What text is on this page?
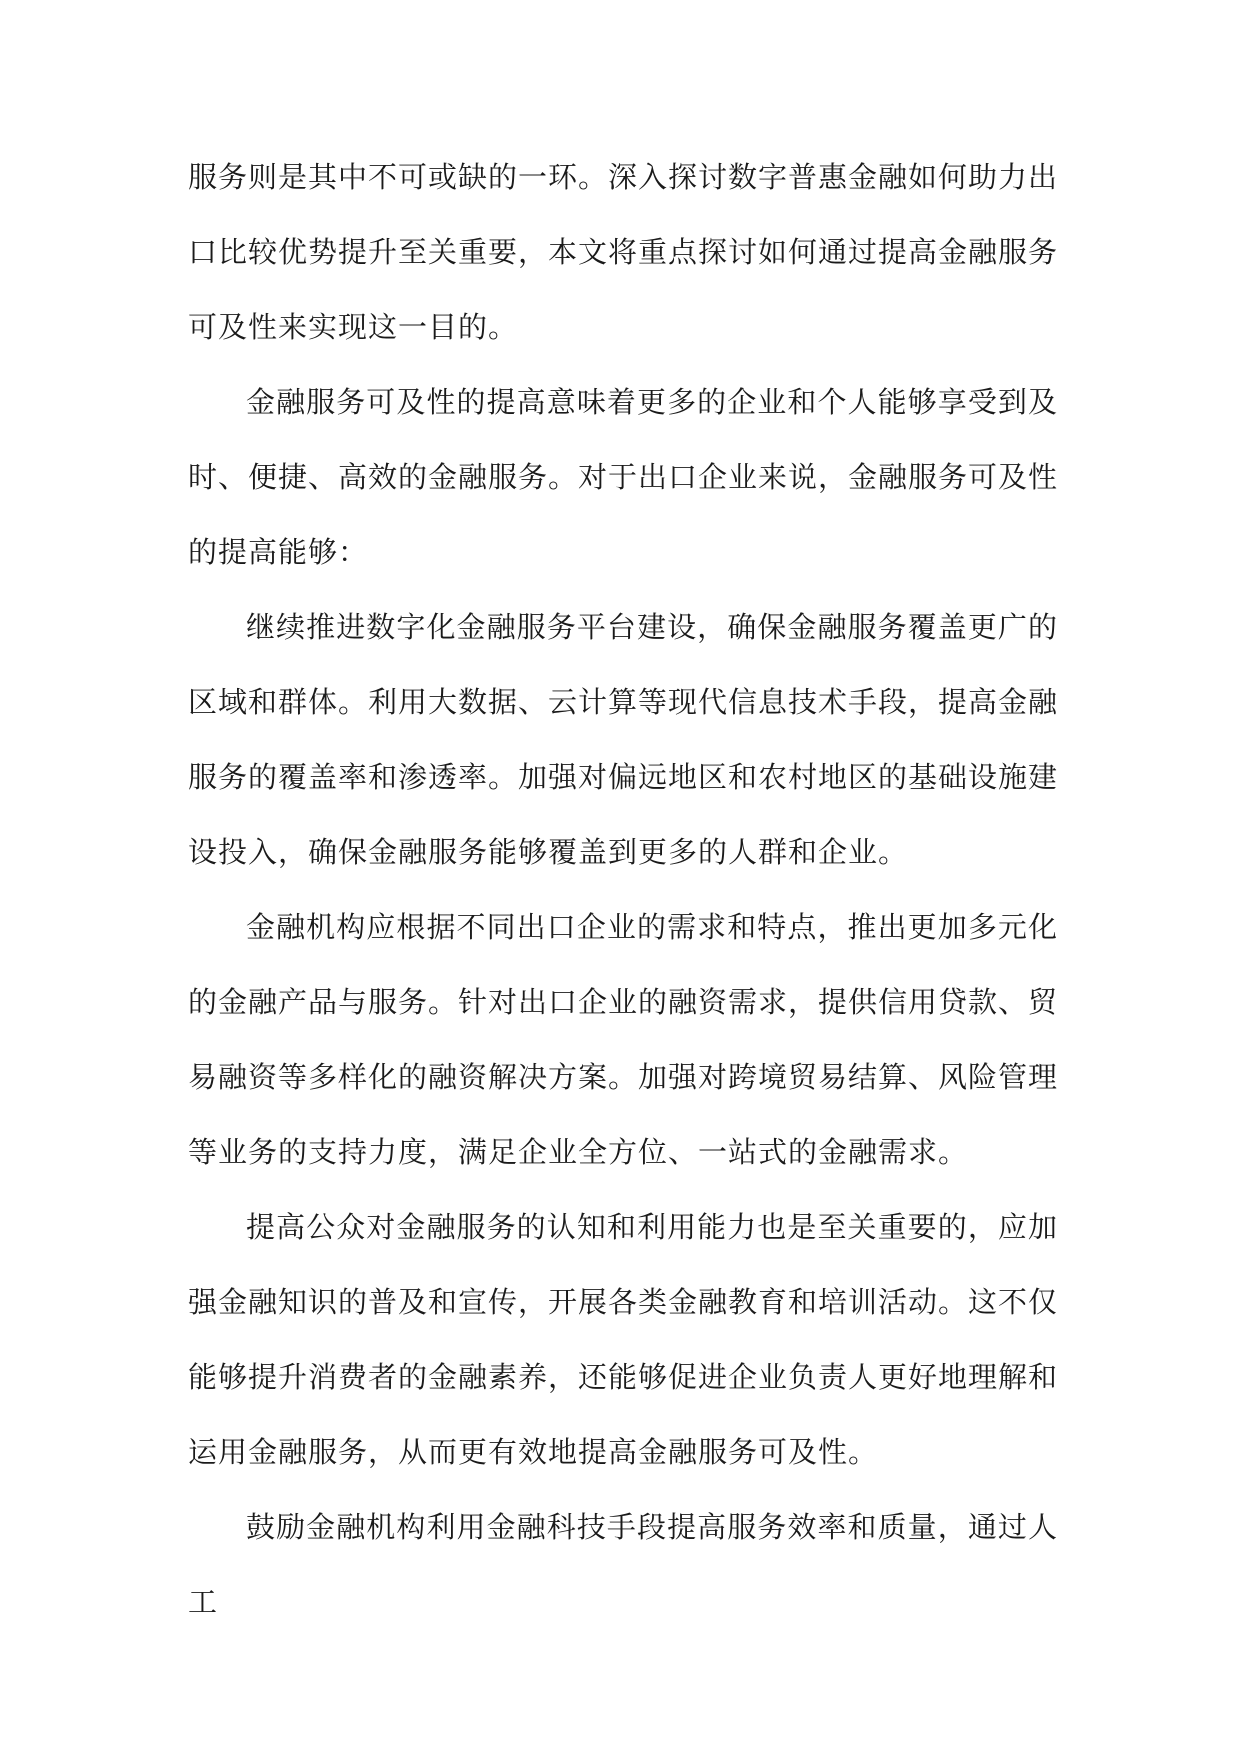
服务则是其中不可或缺的一环。深入探讨数字普惠金融如何助力出口比较优势提升至关重要，本文将重点探讨如何通过提高金融服务可及性来实现这一目的。

金融服务可及性的提高意味着更多的企业和个人能够享受到及时、便捷、高效的金融服务。对于出口企业来说，金融服务可及性的提高能够：

继续推进数字化金融服务平台建设，确保金融服务覆盖更广的区域和群体。利用大数据、云计算等现代信息技术手段，提高金融服务的覆盖率和渗透率。加强对偏远地区和农村地区的基础设施建设投入，确保金融服务能够覆盖到更多的人群和企业。

金融机构应根据不同出口企业的需求和特点，推出更加多元化的金融产品与服务。针对出口企业的融资需求，提供信用贷款、贸易融资等多样化的融资解决方案。加强对跨境贸易结算、风险管理等业务的支持力度，满足企业全方位、一站式的金融需求。

提高公众对金融服务的认知和利用能力也是至关重要的，应加强金融知识的普及和宣传，开展各类金融教育和培训活动。这不仅能够提升消费者的金融素养，还能够促进企业负责人更好地理解和运用金融服务，从而更有效地提高金融服务可及性。

鼓励金融机构利用金融科技手段提高服务效率和质量，通过人工
